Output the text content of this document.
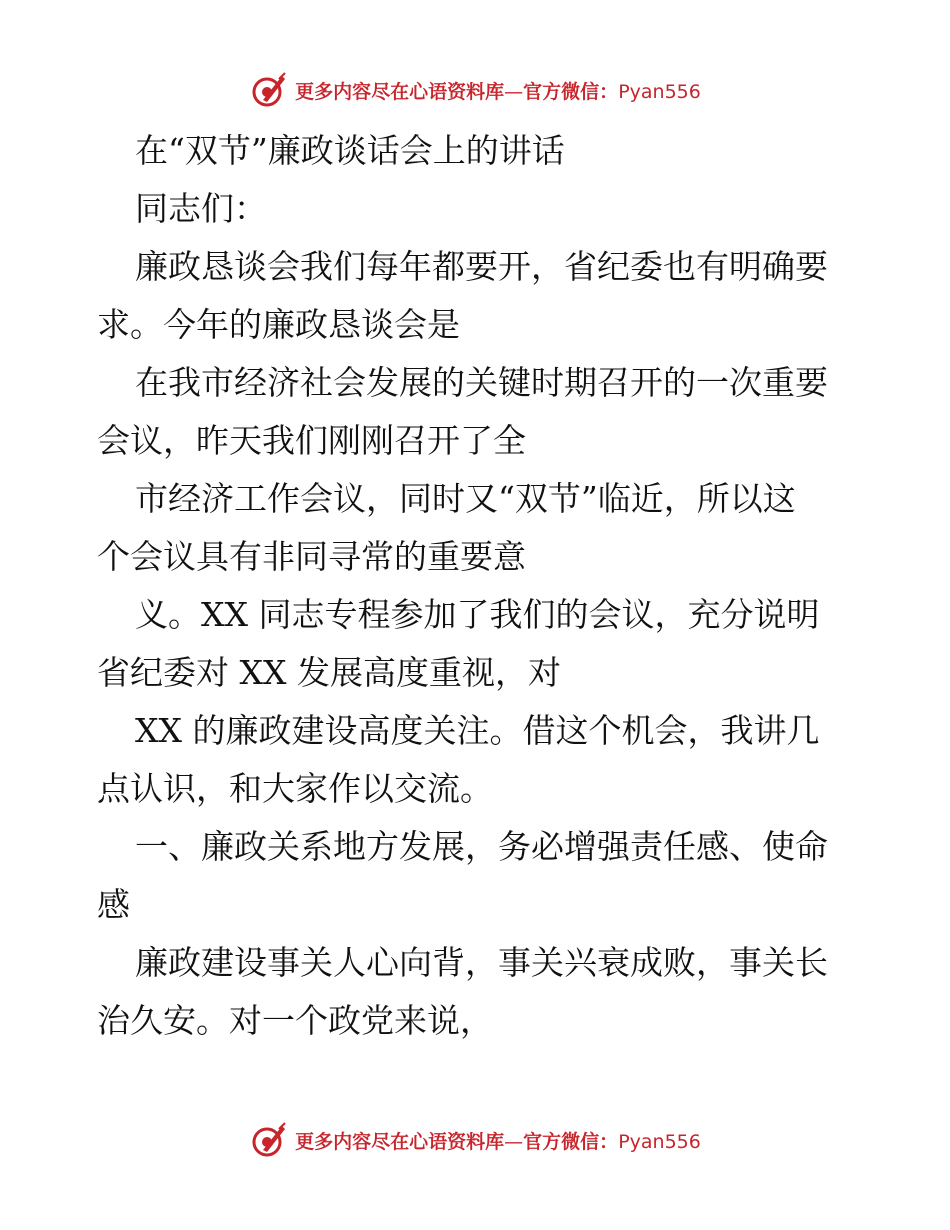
更多内容尽在心语资料库—官方微信：Pyan556
在“双节”廉政谈话会上的讲话
同志们：
廉政恳谈会我们每年都要开，省纪委也有明确要
求。今年的廉政恳谈会是
在我市经济社会发展的关键时期召开的一次重要
会议，昨天我们刚刚召开了全
市经济工作会议，同时又“双节”临近，所以这
个会议具有非同寻常的重要意
义。XX 同志专程参加了我们的会议，充分说明
省纪委对 XX 发展高度重视，对
XX 的廉政建设高度关注。借这个机会，我讲几
点认识，和大家作以交流。
一、廉政关系地方发展，务必增强责任感、使命
感
廉政建设事关人心向背，事关兴衰成败，事关长
治久安。对一个政党来说，
更多内容尽在心语资料库—官方微信：Pyan556
